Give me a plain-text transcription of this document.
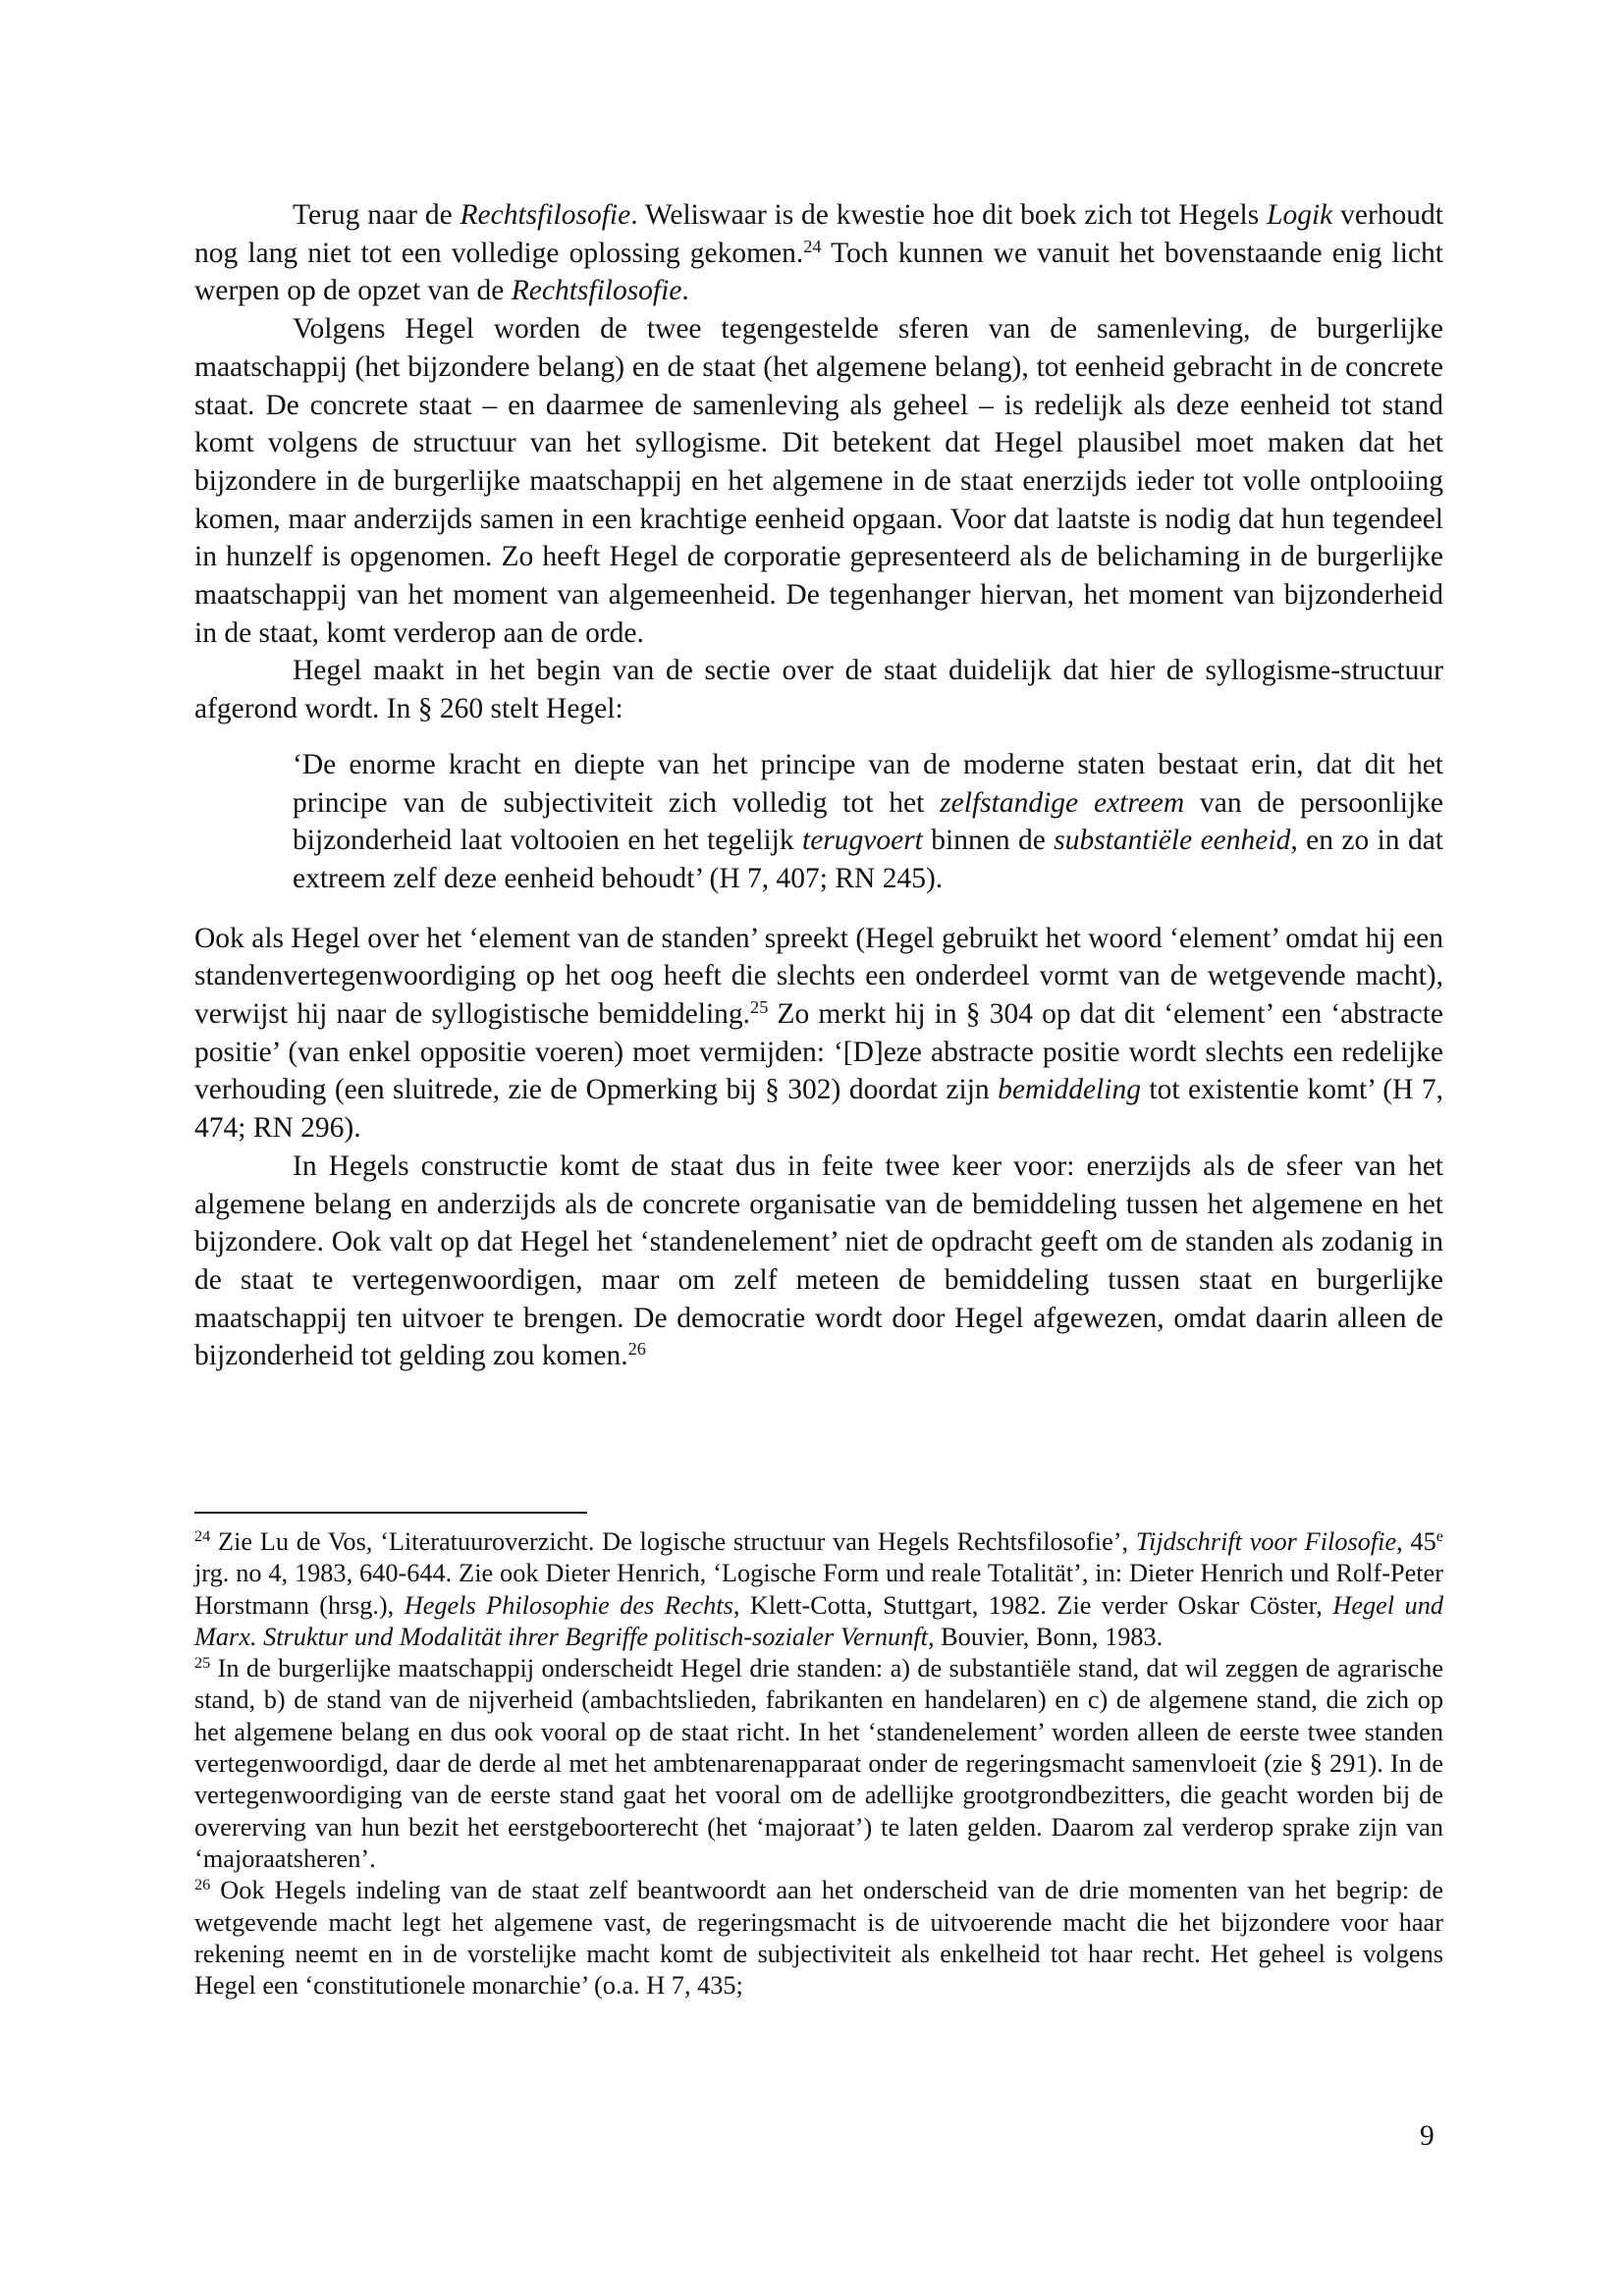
Terug naar de Rechtsfilosofie. Weliswaar is de kwestie hoe dit boek zich tot Hegels Logik verhoudt nog lang niet tot een volledige oplossing gekomen.$^{24}$ Toch kunnen we vanuit het bovenstaande enig licht werpen op de opzet van de Rechtsfilosofie.

Volgens Hegel worden de twee tegengestelde sferen van de samenleving, de burgerlijke maatschappij (het bijzondere belang) en de staat (het algemene belang), tot eenheid gebracht in de concrete staat. De concrete staat – en daarmee de samenleving als geheel – is redelijk als deze eenheid tot stand komt volgens de structuur van het syllogisme. Dit betekent dat Hegel plausibel moet maken dat het bijzondere in de burgerlijke maatschappij en het algemene in de staat enerzijds ieder tot volle ontplooiing komen, maar anderzijds samen in een krachtige eenheid opgaan. Voor dat laatste is nodig dat hun tegendeel in hunzelf is opgenomen. Zo heeft Hegel de corporatie gepresenteerd als de belichaming in de burgerlijke maatschappij van het moment van algemeenheid. De tegenhanger hiervan, het moment van bijzonderheid in de staat, komt verderop aan de orde.

Hegel maakt in het begin van de sectie over de staat duidelijk dat hier de syllogisme-structuur afgerond wordt. In § 260 stelt Hegel:

‘De enorme kracht en diepte van het principe van de moderne staten bestaat erin, dat dit het principe van de subjectiviteit zich volledig tot het zelfstandige extreem van de persoonlijke bijzonderheid laat voltooien en het tegelijk terugvoert binnen de substantiële eenheid, en zo in dat extreem zelf deze eenheid behoudt’ (H 7, 407; RN 245).

Ook als Hegel over het ‘element van de standen’ spreekt (Hegel gebruikt het woord ‘element’ omdat hij een standenvertegenwoordiging op het oog heeft die slechts een onderdeel vormt van de wetgevende macht), verwijst hij naar de syllogistische bemiddeling.$^{25}$ Zo merkt hij in § 304 op dat dit ‘element’ een ‘abstracte positie’ (van enkel oppositie voeren) moet vermijden: ‘[D]eze abstracte positie wordt slechts een redelijke verhouding (een sluitrede, zie de Opmerking bij § 302) doordat zijn bemiddeling tot existentie komt’ (H 7, 474; RN 296).

In Hegels constructie komt de staat dus in feite twee keer voor: enerzijds als de sfeer van het algemene belang en anderzijds als de concrete organisatie van de bemiddeling tussen het algemene en het bijzondere. Ook valt op dat Hegel het ‘standenelement’ niet de opdracht geeft om de standen als zodanig in de staat te vertegenwoordigen, maar om zelf meteen de bemiddeling tussen staat en burgerlijke maatschappij ten uitvoer te brengen. De democratie wordt door Hegel afgewezen, omdat daarin alleen de bijzonderheid tot gelding zou komen.$^{26}$

$^{24}$ Zie Lu de Vos, ‘Literatuuroverzicht. De logische structuur van Hegels Rechtsfilosofie’, Tijdschrift voor Filosofie, 45e jrg. no 4, 1983, 640-644. Zie ook Dieter Henrich, ‘Logische Form und reale Totalität’, in: Dieter Henrich und Rolf-Peter Horstmann (hrsg.), Hegels Philosophie des Rechts, Klett-Cotta, Stuttgart, 1982. Zie verder Oskar Cöster, Hegel und Marx. Struktur und Modalität ihrer Begriffe politisch-sozialer Vernunft, Bouvier, Bonn, 1983.

$^{25}$ In de burgerlijke maatschappij onderscheidt Hegel drie standen: a) de substantiële stand, dat wil zeggen de agrarische stand, b) de stand van de nijverheid (ambachtslieden, fabrikanten en handelaren) en c) de algemene stand, die zich op het algemene belang en dus ook vooral op de staat richt. In het ‘standenelement’ worden alleen de eerste twee standen vertegenwoordigd, daar de derde al met het ambtenarenapparaat onder de regeringsmacht samenvloeit (zie § 291). In de vertegenwoordiging van de eerste stand gaat het vooral om de adellijke grootgrondbezitters, die geacht worden bij de overerving van hun bezit het eerstgeboorterecht (het ‘majoraat’) te laten gelden. Daarom zal verderop sprake zijn van ‘majoraatsheren’.

$^{26}$ Ook Hegels indeling van de staat zelf beantwoordt aan het onderscheid van de drie momenten van het begrip: de wetgevende macht legt het algemene vast, de regeringsmacht is de uitvoerende macht die het bijzondere voor haar rekening neemt en in de vorstelijke macht komt de subjectiviteit als enkelheid tot haar recht. Het geheel is volgens Hegel een ‘constitutionele monarchie’ (o.a. H 7, 435;

9
